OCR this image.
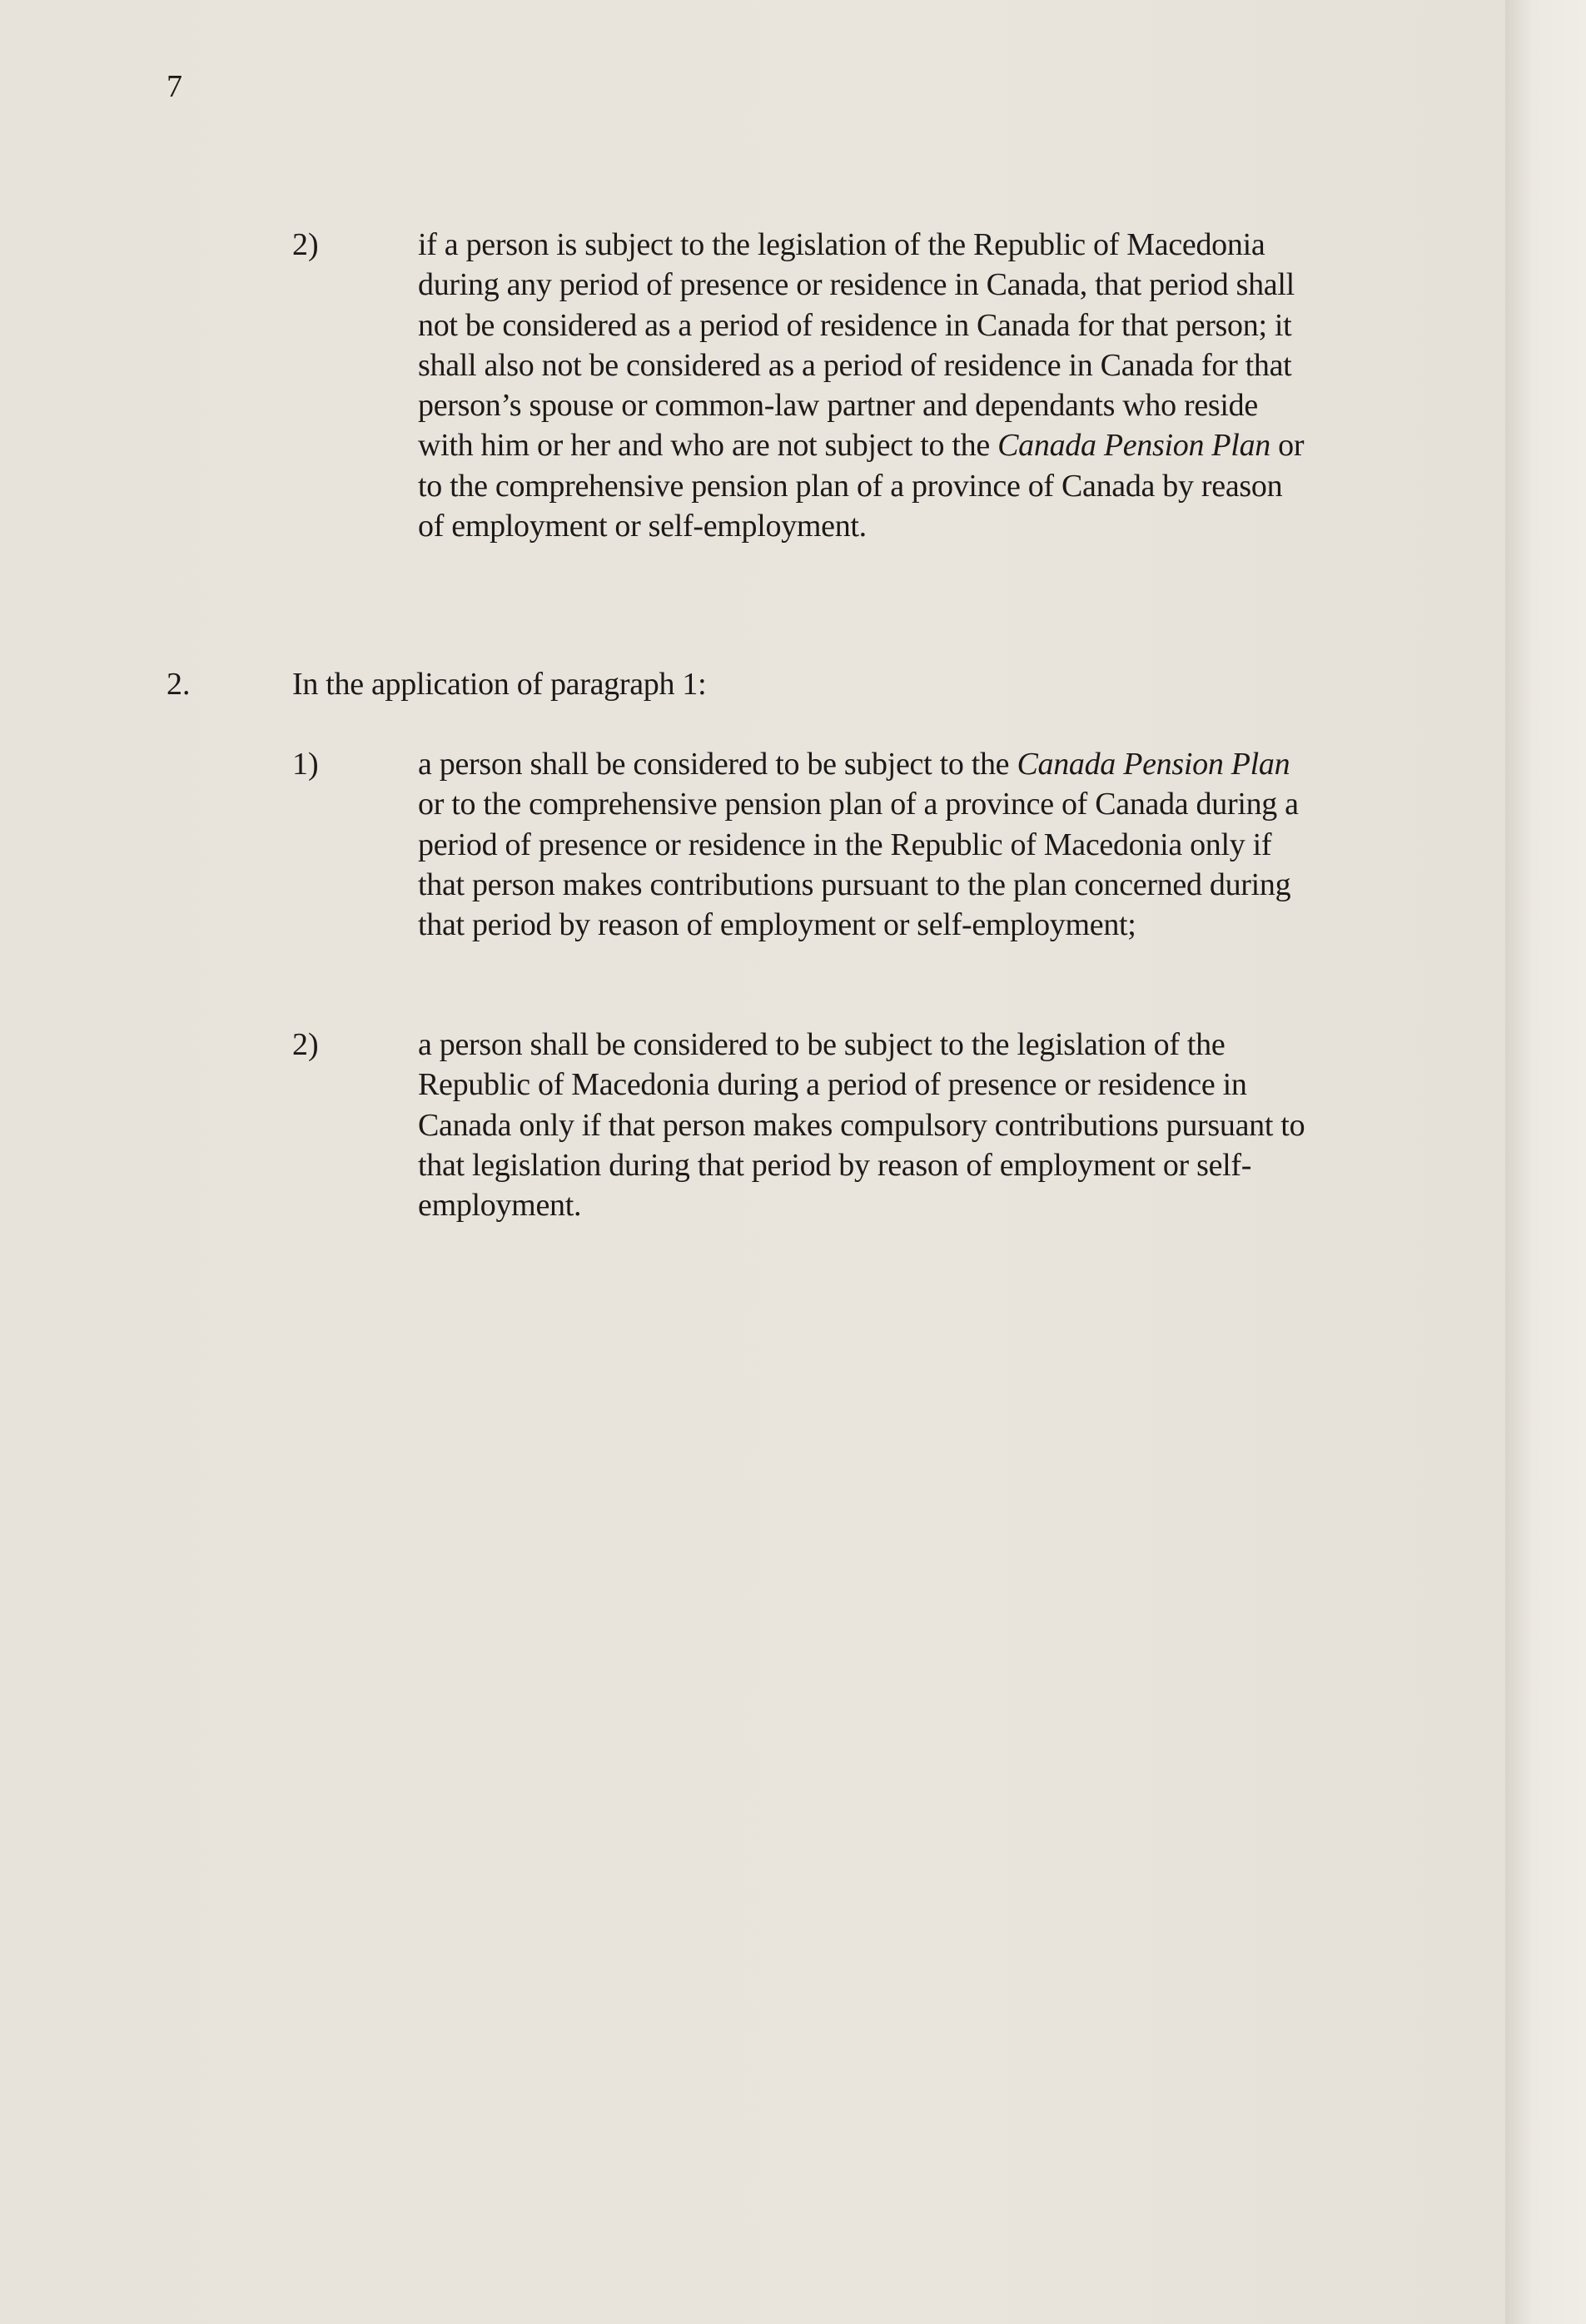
7
2)	if a person is subject to the legislation of the Republic of Macedonia during any period of presence or residence in Canada, that period shall not be considered as a period of residence in Canada for that person; it shall also not be considered as a period of residence in Canada for that person’s spouse or common-law partner and dependants who reside with him or her and who are not subject to the Canada Pension Plan or to the comprehensive pension plan of a province of Canada by reason of employment or self-employment.
2.	In the application of paragraph 1:
1)	a person shall be considered to be subject to the Canada Pension Plan or to the comprehensive pension plan of a province of Canada during a period of presence or residence in the Republic of Macedonia only if that person makes contributions pursuant to the plan concerned during that period by reason of employment or self-employment;
2)	a person shall be considered to be subject to the legislation of the Republic of Macedonia during a period of presence or residence in Canada only if that person makes compulsory contributions pursuant to that legislation during that period by reason of employment or self-employment.
